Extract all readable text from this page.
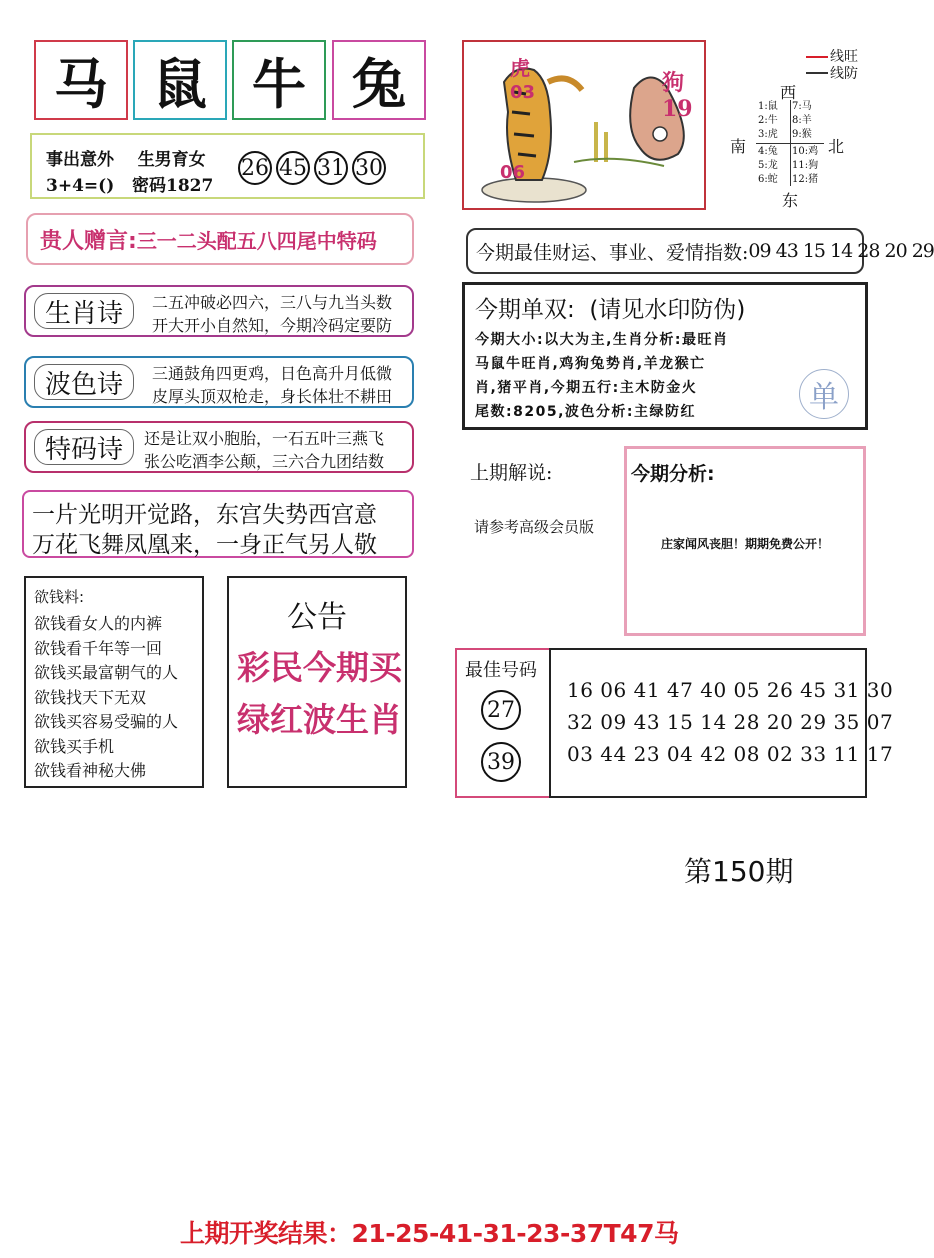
马 鼠 牛 兔
事出意外 生男育女
3+4=() 密码1827
26 45 31 30
贵人赠言: 三一二头配五八四尾中特码
生肖诗	二五冲破必四六，三八与九当头数
开大开小自然知，今期冷码定要防
波色诗	三通鼓角四更鸡，日色高升月低微
皮厚头顶双枪走，身长体壮不耕田
特码诗	还是让双小胞胎，一石五叶三燕飞
张公吃酒李公颠，三六合九团结数
一片光明开觉路，东宫失势西宫意
万花飞舞凤凰来，一身正气另人敬
欲钱料:
欲钱看女人的内裤
欲钱看千年等一回
欲钱买最富朝气的人
欲钱找天下无双
欲钱买容易受骗的人
欲钱买手机
欲钱看神秘大佛
公告
彩民今期买
绿红波生肖
虎
03
06
狗
19
线旺
线防
西
东
南	北
1:鼠
2:牛
3:虎
4:兔
5:龙
6:蛇
7:马
8:羊
9:猴
10:鸡
11:狗
12:猪
今期最佳财运、事业、爱情指数: 09 43 15 14 28 20 29
今期单双: (请见水印防伪)
今期大小:以大为主,生肖分析:最旺肖
马鼠牛旺肖,鸡狗兔势肖,羊龙猴亡
肖,猪平肖,今期五行:主木防金火
尾数:8205,波色分析:主绿防红	单
上期解说:
请参考高级会员版
今期分析:
庄家闻风丧胆！期期免费公开！
最佳号码
27
39
16 06 41 47 40 05 26 45 31 30
32 09 43 15 14 28 20 29 35 07
03 44 23 04 42 08 02 33 11 17
第150期
上期开奖结果：21-25-41-31-23-37T47马
